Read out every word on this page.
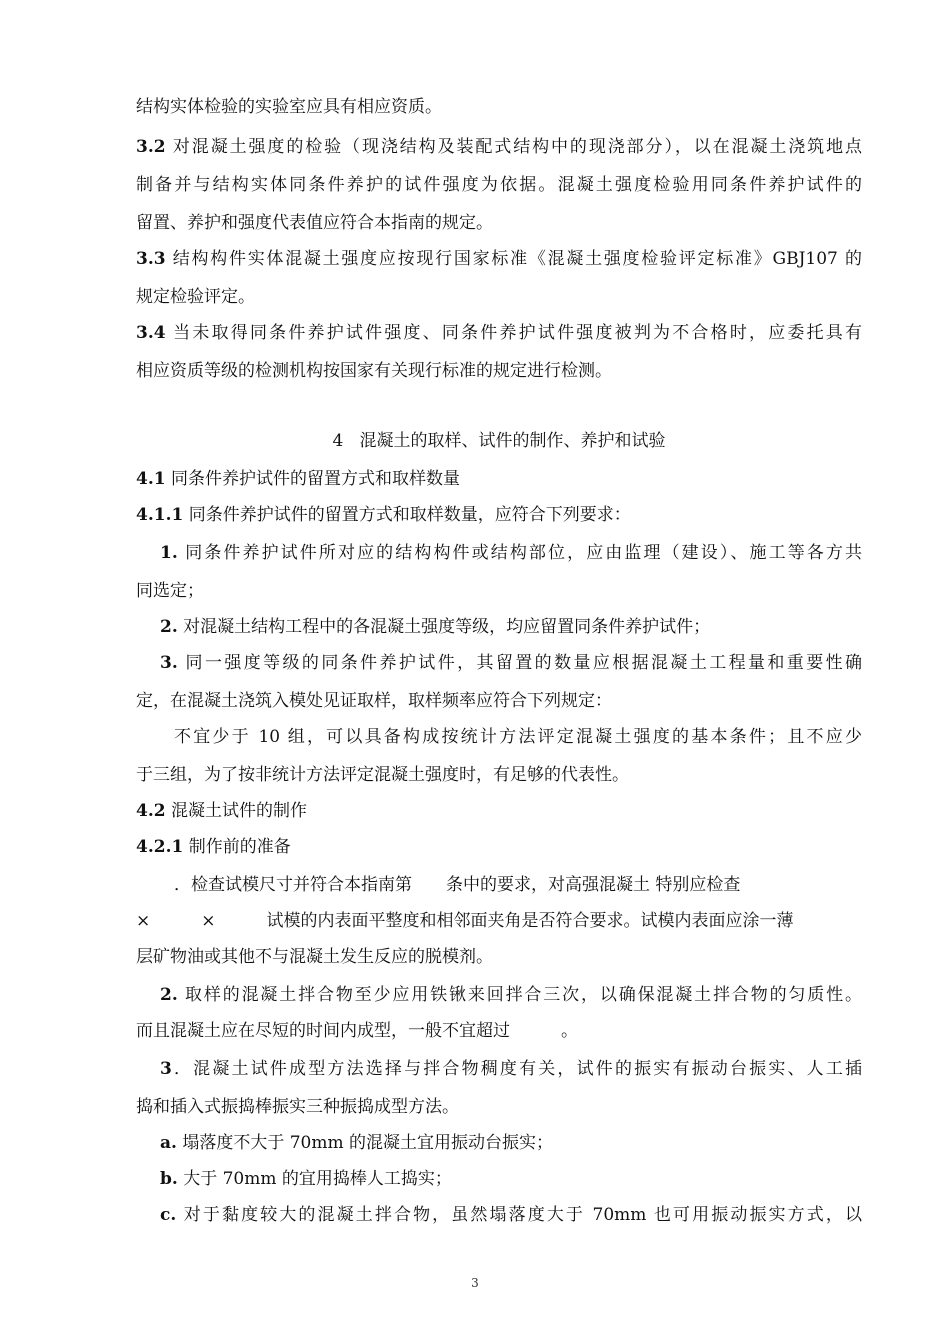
结构实体检验的实验室应具有相应资质。
3.2 对混凝土强度的检验（现浇结构及装配式结构中的现浇部分），以在混凝土浇筑地点
制备并与结构实体同条件养护的试件强度为依据。混凝土强度检验用同条件养护试件的
留置、养护和强度代表值应符合本指南的规定。
3.3 结构构件实体混凝土强度应按现行国家标准《混凝土强度检验评定标准》GBJ107 的
规定检验评定。
3.4 当未取得同条件养护试件强度、同条件养护试件强度被判为不合格时，应委托具有
相应资质等级的检测机构按国家有关现行标准的规定进行检测。
4 混凝土的取样、试件的制作、养护和试验
4.1 同条件养护试件的留置方式和取样数量
4.1.1 同条件养护试件的留置方式和取样数量，应符合下列要求：
1. 同条件养护试件所对应的结构构件或结构部位，应由监理（建设）、施工等各方共
同选定；
2. 对混凝土结构工程中的各混凝土强度等级，均应留置同条件养护试件；
3. 同一强度等级的同条件养护试件，其留置的数量应根据混凝土工程量和重要性确
定，在混凝土浇筑入模处见证取样，取样频率应符合下列规定：
不宜少于 10 组，可以具备构成按统计方法评定混凝土强度的基本条件；且不应少
于三组，为了按非统计方法评定混凝土强度时，有足够的代表性。
4.2 混凝土试件的制作
4.2.1 制作前的准备
．检查试模尺寸并符合本指南第　　条中的要求，对高强混凝土 特别应检查
×　　　×　　　试模的内表面平整度和相邻面夹角是否符合要求。试模内表面应涂一薄
层矿物油或其他不与混凝土发生反应的脱模剂。
2. 取样的混凝土拌合物至少应用铁锹来回拌合三次，以确保混凝土拌合物的匀质性。
而且混凝土应在尽短的时间内成型，一般不宜超过　　　。
3．混凝土试件成型方法选择与拌合物稠度有关，试件的振实有振动台振实、人工插
捣和插入式振捣棒振实三种振捣成型方法。
a. 塌落度不大于 70mm 的混凝土宜用振动台振实；
b. 大于 70mm 的宜用捣棒人工捣实；
c. 对于黏度较大的混凝土拌合物，虽然塌落度大于 70mm 也可用振动振实方式，以
3
